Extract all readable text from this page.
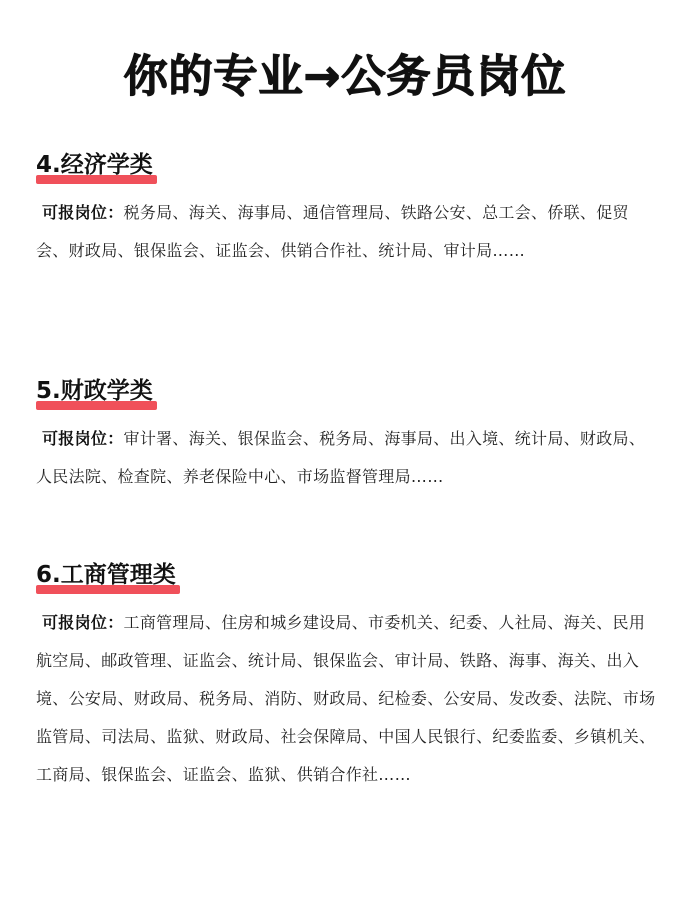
你的专业→公务员岗位
4.经济学类
可报岗位：税务局、海关、海事局、通信管理局、铁路公安、总工会、侨联、促贸会、财政局、银保监会、证监会、供销合作社、统计局、审计局……
5.财政学类
可报岗位：审计署、海关、银保监会、税务局、海事局、出入境、统计局、财政局、人民法院、检查院、养老保险中心、市场监督管理局……
6.工商管理类
可报岗位：工商管理局、住房和城乡建设局、市委机关、纪委、人社局、海关、民用航空局、邮政管理、证监会、统计局、银保监会、审计局、铁路、海事、海关、出入境、公安局、财政局、税务局、消防、财政局、纪检委、公安局、发改委、法院、市场监管局、司法局、监狱、财政局、社会保障局、中国人民银行、纪委监委、乡镇机关、工商局、银保监会、证监会、监狱、供销合作社……
